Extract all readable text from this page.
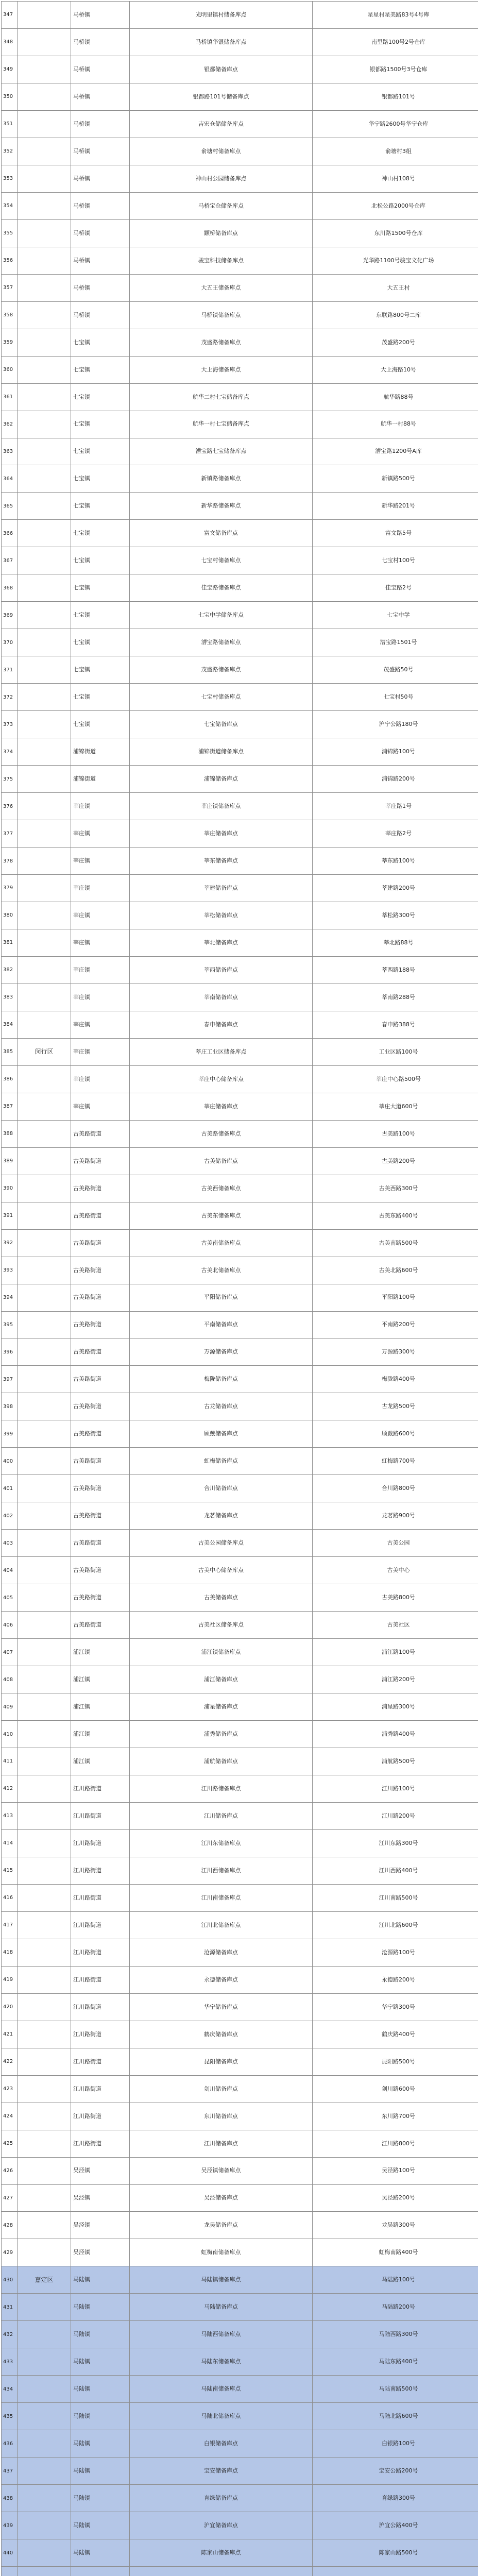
347		马桥镇	光明里镇村储备库点	星星村星美路83号4号库
348		马桥镇	马桥镇华银储备库点	南里路100号2号仓库
349		马桥镇	银都储备库点	银都路1500号3号仓库
350		马桥镇	银都路101号储备库点	银都路101号
351		马桥镇	吉宏仓储储备库点	华宁路2600号华宁仓库
352		马桥镇	俞塘村储备库点	俞塘村3组
353		马桥镇	神山村公园储备库点	神山村108号
354		马桥镇	马桥宝仓储备库点	北松公路2000号仓库
355		马桥镇	颛桥储备库点	东川路1500号仓库
356		马桥镇	骏宝科技储备库点	光华路1100号骏宝文化广场
357		马桥镇	大五王储备库点	大五王村
358		马桥镇	马桥镇储备库点	东联路800号二库
359		七宝镇	茂盛路储备库点	茂盛路200号
360		七宝镇	大上海储备库点	大上海路10号
361		七宝镇	航华二村七宝储备库点	航华路88号
362		七宝镇	航华一村七宝储备库点	航华一村88号
363		七宝镇	漕宝路七宝储备库点	漕宝路1200号A库
364		七宝镇	新镇路储备库点	新镇路500号
365		七宝镇	新华路储备库点	新华路201号
366		七宝镇	富文储备库点	富文路5号
367		七宝镇	七宝村储备库点	七宝村100号
368		七宝镇	佳宝路储备库点	佳宝路2号
369		七宝镇	七宝中学储备库点	七宝中学
370		七宝镇	漕宝路储备库点	漕宝路1501号
371		七宝镇	茂盛路储备库点	茂盛路50号
372		七宝镇	七宝村储备库点	七宝村50号
373		七宝镇	七宝储备库点	沪宁公路180号
374		浦锦街道	浦锦街道储备库点	浦锦路100号
375		浦锦街道	浦锦储备库点	浦锦路200号
376		莘庄镇	莘庄镇储备库点	莘庄路1号
377		莘庄镇	莘庄储备库点	莘庄路2号
378		莘庄镇	莘东储备库点	莘东路100号
379		莘庄镇	莘建储备库点	莘建路200号
380		莘庄镇	莘松储备库点	莘松路300号
381		莘庄镇	莘北储备库点	莘北路88号
382		莘庄镇	莘西储备库点	莘西路188号
383		莘庄镇	莘南储备库点	莘南路288号
384		莘庄镇	春申储备库点	春申路388号
385	闵行区	莘庄镇	莘庄工业区储备库点	工业区路100号
386		莘庄镇	莘庄中心储备库点	莘庄中心路500号
387		莘庄镇	莘庄储备库点	莘庄大道600号
388		古美路街道	古美路储备库点	古美路100号
389		古美路街道	古美储备库点	古美路200号
390		古美路街道	古美西储备库点	古美西路300号
391		古美路街道	古美东储备库点	古美东路400号
392		古美路街道	古美南储备库点	古美南路500号
393		古美路街道	古美北储备库点	古美北路600号
394		古美路街道	平阳储备库点	平阳路100号
395		古美路街道	平南储备库点	平南路200号
396		古美路街道	万源储备库点	万源路300号
397		古美路街道	梅陇储备库点	梅陇路400号
398		古美路街道	古龙储备库点	古龙路500号
399		古美路街道	顾戴储备库点	顾戴路600号
400		古美路街道	虹梅储备库点	虹梅路700号
401		古美路街道	合川储备库点	合川路800号
402		古美路街道	龙茗储备库点	龙茗路900号
403		古美路街道	古美公园储备库点	古美公园
404		古美路街道	古美中心储备库点	古美中心
405		古美路街道	古美储备库点	古美路800号
406		古美路街道	古美社区储备库点	古美社区
407		浦江镇	浦江镇储备库点	浦江路100号
408		浦江镇	浦江储备库点	浦江路200号
409		浦江镇	浦星储备库点	浦星路300号
410		浦江镇	浦秀储备库点	浦秀路400号
411		浦江镇	浦航储备库点	浦航路500号
412		江川路街道	江川路储备库点	江川路100号
413		江川路街道	江川储备库点	江川路200号
414		江川路街道	江川东储备库点	江川东路300号
415		江川路街道	江川西储备库点	江川西路400号
416		江川路街道	江川南储备库点	江川南路500号
417		江川路街道	江川北储备库点	江川北路600号
418		江川路街道	沧源储备库点	沧源路100号
419		江川路街道	永德储备库点	永德路200号
420		江川路街道	华宁储备库点	华宁路300号
421		江川路街道	鹤庆储备库点	鹤庆路400号
422		江川路街道	昆阳储备库点	昆阳路500号
423		江川路街道	剑川储备库点	剑川路600号
424		江川路街道	东川储备库点	东川路700号
425		江川路街道	江川储备库点	江川路800号
426		吴泾镇	吴泾镇储备库点	吴泾路100号
427		吴泾镇	吴泾储备库点	吴泾路200号
428		吴泾镇	龙吴储备库点	龙吴路300号
429		吴泾镇	虹梅南储备库点	虹梅南路400号
430	嘉定区	马陆镇	马陆镇储备库点	马陆路100号
431		马陆镇	马陆储备库点	马陆路200号
432		马陆镇	马陆西储备库点	马陆西路300号
433		马陆镇	马陆东储备库点	马陆东路400号
434		马陆镇	马陆南储备库点	马陆南路500号
435		马陆镇	马陆北储备库点	马陆北路600号
436		马陆镇	白银储备库点	白银路100号
437		马陆镇	宝安储备库点	宝安公路200号
438		马陆镇	育绿储备库点	育绿路300号
439		马陆镇	沪宜储备库点	沪宜公路400号
440		马陆镇	陈家山储备库点	陈家山路500号
